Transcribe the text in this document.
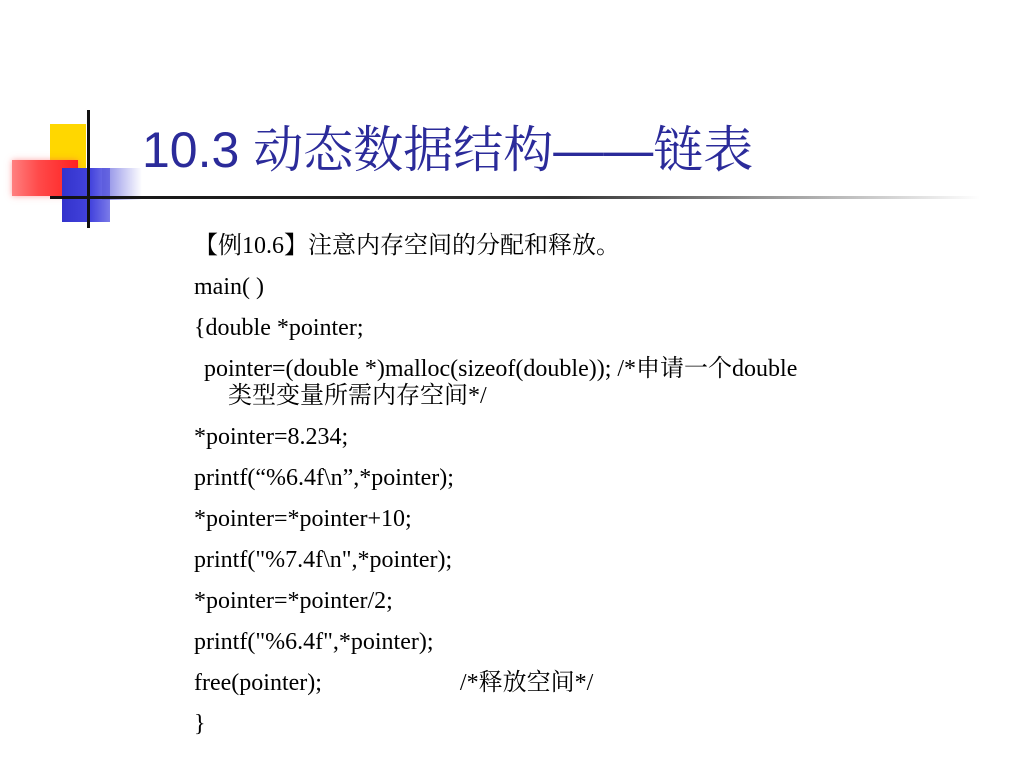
10.3 动态数据结构——链表
【例10.6】注意内存空间的分配和释放。
main( )
{double *pointer;
pointer=(double *)malloc(sizeof(double)); /*申请一个double
类型变量所需内存空间*/
*pointer=8.234;
printf(“%6.4f\n”,*pointer);
*pointer=*pointer+10;
printf("%7.4f\n",*pointer);
*pointer=*pointer/2;
printf("%6.4f",*pointer);
free(pointer);                       /*释放空间*/
}
